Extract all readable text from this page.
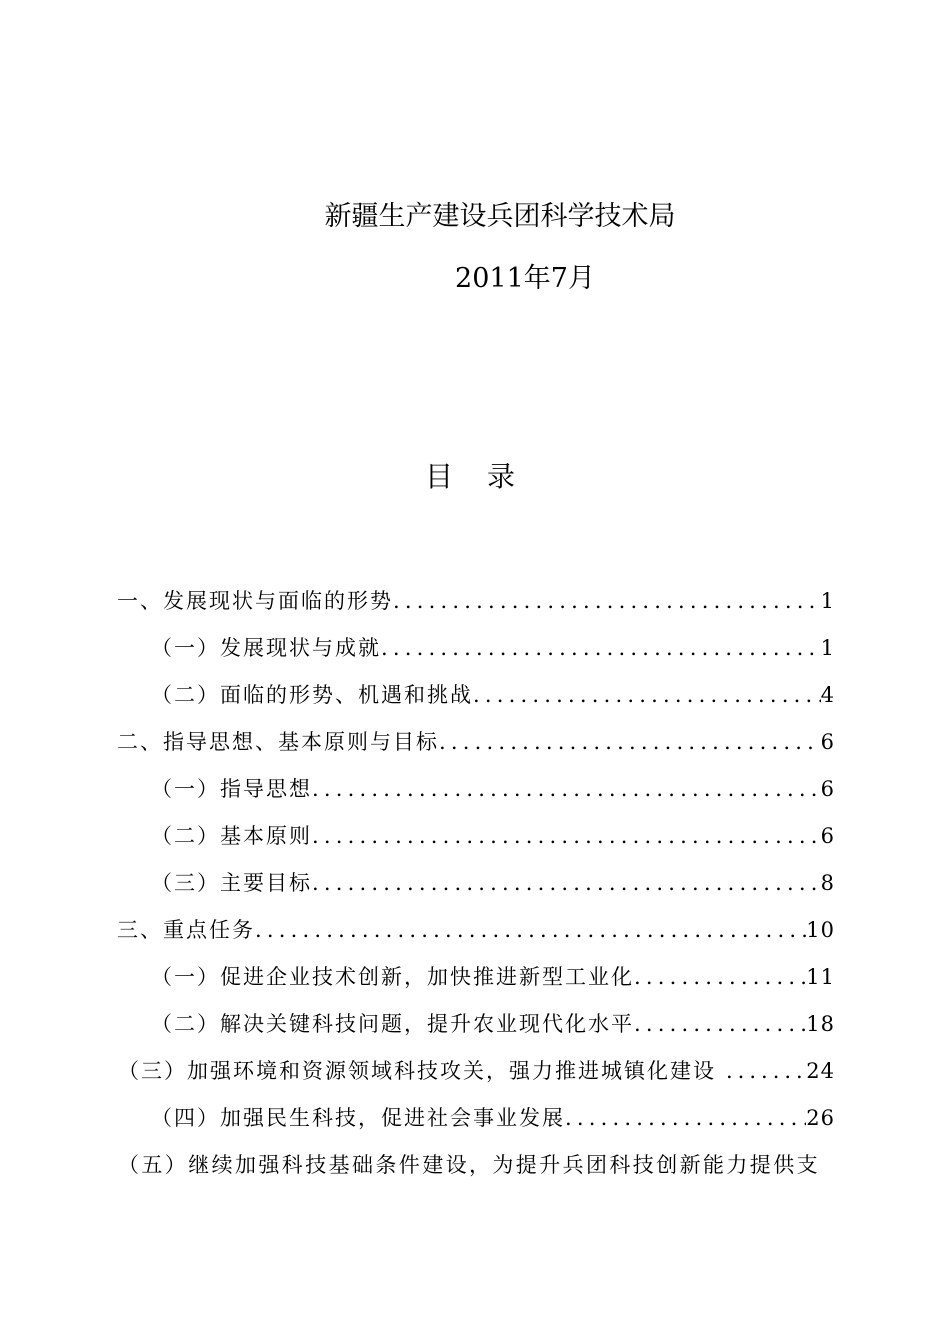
新疆生产建设兵团科学技术局
2011年7月
目录
一、发展现状与面临的形势 .....	1
（一）发展现状与成就 .....	1
（二）面临的形势、机遇和挑战 .....	4
二、指导思想、基本原则与目标 .....	6
（一）指导思想 .....	6
（二）基本原则 .....	6
（三）主要目标 .....	8
三、重点任务 .....	10
（一）促进企业技术创新，加快推进新型工业化 .....	11
（二）解决关键科技问题，提升农业现代化水平 .....	18
（三）加强环境和资源领域科技攻关，强力推进城镇化建设 .....	24
（四）加强民生科技，促进社会事业发展 .....	26
（五）继续加强科技基础条件建设，为提升兵团科技创新能力提供支
